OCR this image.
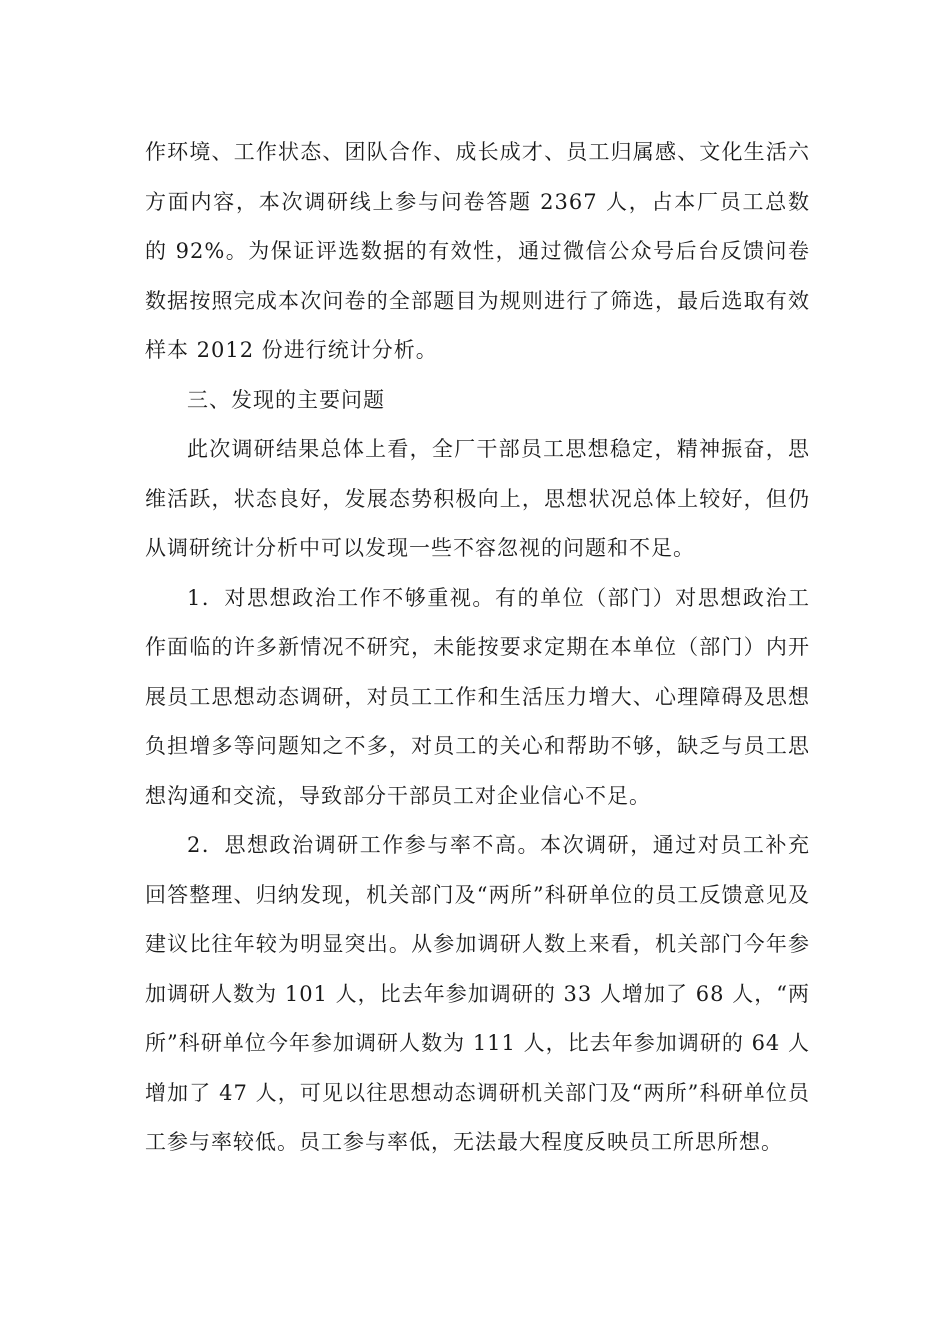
作环境、工作状态、团队合作、成长成才、员工归属感、文化生活六方面内容，本次调研线上参与问卷答题 2367 人，占本厂员工总数的 92%。为保证评选数据的有效性，通过微信公众号后台反馈问卷数据按照完成本次问卷的全部题目为规则进行了筛选，最后选取有效样本 2012 份进行统计分析。

三、发现的主要问题

此次调研结果总体上看，全厂干部员工思想稳定，精神振奋，思维活跃，状态良好，发展态势积极向上，思想状况总体上较好，但仍从调研统计分析中可以发现一些不容忽视的问题和不足。

1．对思想政治工作不够重视。有的单位（部门）对思想政治工作面临的许多新情况不研究，未能按要求定期在本单位（部门）内开展员工思想动态调研，对员工工作和生活压力增大、心理障碍及思想负担增多等问题知之不多，对员工的关心和帮助不够，缺乏与员工思想沟通和交流，导致部分干部员工对企业信心不足。

2．思想政治调研工作参与率不高。本次调研，通过对员工补充回答整理、归纳发现，机关部门及“两所”科研单位的员工反馈意见及建议比往年较为明显突出。从参加调研人数上来看，机关部门今年参加调研人数为 101 人，比去年参加调研的 33 人增加了 68 人，“两所”科研单位今年参加调研人数为 111 人，比去年参加调研的 64 人增加了 47 人，可见以往思想动态调研机关部门及“两所”科研单位员工参与率较低。员工参与率低，无法最大程度反映员工所思所想。
